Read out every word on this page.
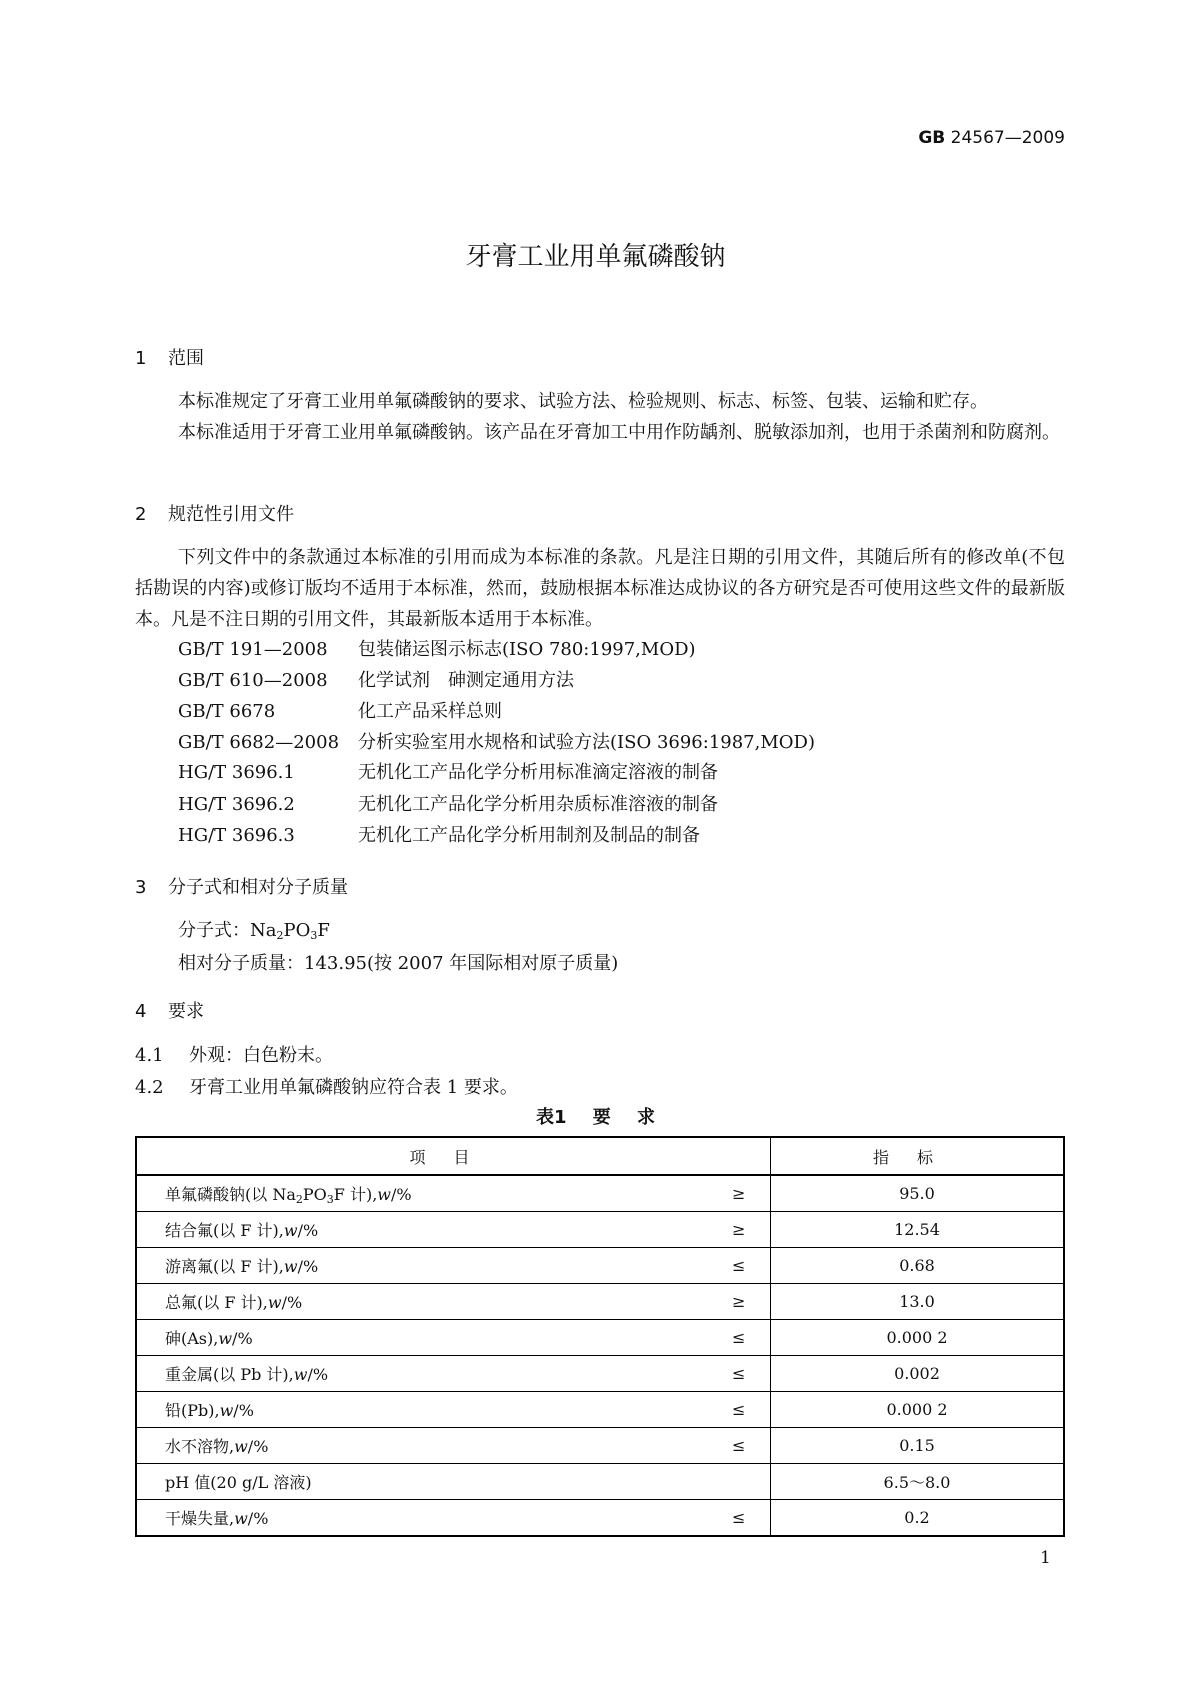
GB 24567—2009
牙膏工业用单氟磷酸钠
1 范围
本标准规定了牙膏工业用单氟磷酸钠的要求、试验方法、检验规则、标志、标签、包装、运输和贮存。
本标准适用于牙膏工业用单氟磷酸钠。该产品在牙膏加工中用作防龋剂、脱敏添加剂，也用于杀菌剂和防腐剂。
2 规范性引用文件
下列文件中的条款通过本标准的引用而成为本标准的条款。凡是注日期的引用文件，其随后所有的修改单(不包括勘误的内容)或修订版均不适用于本标准，然而，鼓励根据本标准达成协议的各方研究是否可使用这些文件的最新版本。凡是不注日期的引用文件，其最新版本适用于本标准。
GB/T 191—2008 包装储运图示标志(ISO 780:1997,MOD)
GB/T 610—2008 化学试剂　砷测定通用方法
GB/T 6678	化工产品采样总则
GB/T 6682—2008 分析实验室用水规格和试验方法(ISO 3696:1987,MOD)
HG/T 3696.1	无机化工产品化学分析用标准滴定溶液的制备
HG/T 3696.2	无机化工产品化学分析用杂质标准溶液的制备
HG/T 3696.3	无机化工产品化学分析用制剂及制品的制备
3 分子式和相对分子质量
分子式：$Na_2PO_3F$
相对分子质量：143.95(按 2007 年国际相对原子质量)
4 要求
4.1 外观：白色粉末。
4.2 牙膏工业用单氟磷酸钠应符合表 1 要求。
表1 要 求
项目	指标
单氟磷酸钠(以 $Na_2PO_3F$ 计),w/% ≥	95.0
结合氟(以 F 计),w/% ≥	12.54
游离氟(以 F 计),w/% ≤	0.68
总氟(以 F 计),w/% ≥	13.0
砷(As),w/% ≤	0.000 2
重金属(以 Pb 计),w/% ≤	0.002
铅(Pb),w/% ≤	0.000 2
水不溶物,w/% ≤	0.15
pH 值(20 g/L 溶液)	6.5～8.0
干燥失量,w/% ≤	0.2
1
